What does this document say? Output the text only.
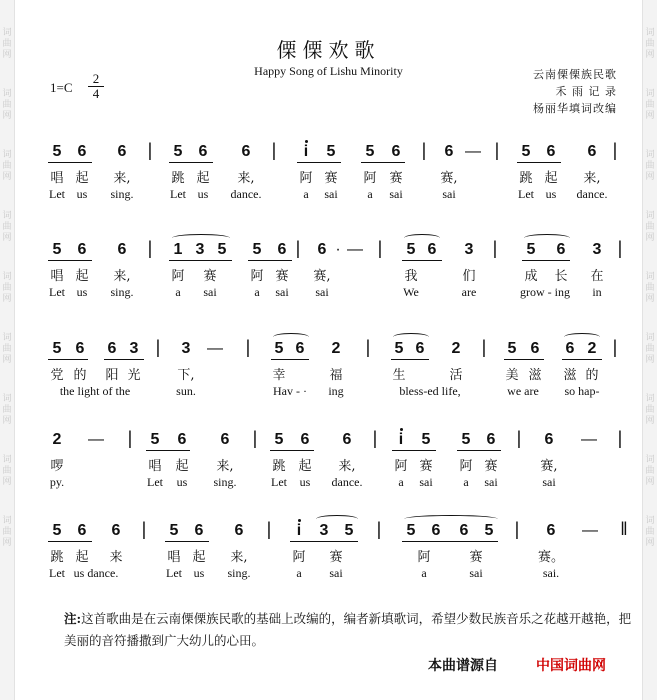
词
曲
网
词
曲
网
词
曲
网
词
曲
网
词
曲
网
词
曲
网
词
曲
网
词
曲
网
词
曲
网
词
曲
网
词
曲
网
词
曲
网
词
曲
网
词
曲
网
词
曲
网
词
曲
网
词
曲
网
词
曲
网
傈傈欢歌
Happy Song of Lishu Minority
1=C
2
4
云南傈傈族民歌
禾 雨 记 录
杨丽华填词改编
5	6	6	|	5	6	6	|	i	5	5	6	|	6 — |	5	6	6 |
唱 起	来,	跳 起	来,	阿 赛	阿 赛	赛,	跳 起	来,
Let us	sing.	Let us	dance.	a	sai	a	sai	sai	Let us	dance.
5	6	6	|	1 3 5	5	6 |	6 · — |	5 6	3	|	5	6	3 |
唱 起	来,	阿	赛	阿 赛	赛,	我	们	成	长	在
Let us	sing.	a	sai	a	sai	sai	We	are	grow - ing	in
5 6	6 3 |	3	—	|	5 6	2	|	5 6	2	|	5 6	6 2 |
党 的	阳 光	下,	幸	福	生	活	美 滋	滋 的
the light of the	sun.	Hav - ·	ing	bless-ed life,	we are	so hap-
2	—	|	5	6	6	|	5	6	6	|	i	5	5	6	|	6	—	|
啰	唱	起	来,	跳 起	来,	阿 赛	阿 赛	赛,
py.	Let	us	sing.	Let	us	dance.	a	sai	a	sai	sai
5	6	6	|	5	6	6	|	i	3	5	|	5	6	6	5	|	6	—	‖
跳 起	来	唱 起	来,	阿	赛	阿	赛	赛。
Let us dance.	Let us	sing.	a	sai	a	sai	sai.
注:这首歌曲是在云南傈傈族民歌的基础上改编的，编者新填歌词，希望少数民族音乐之花越开越艳，把美丽的音符播撒到广大幼儿的心田。
本曲谱源自	中国词曲网
